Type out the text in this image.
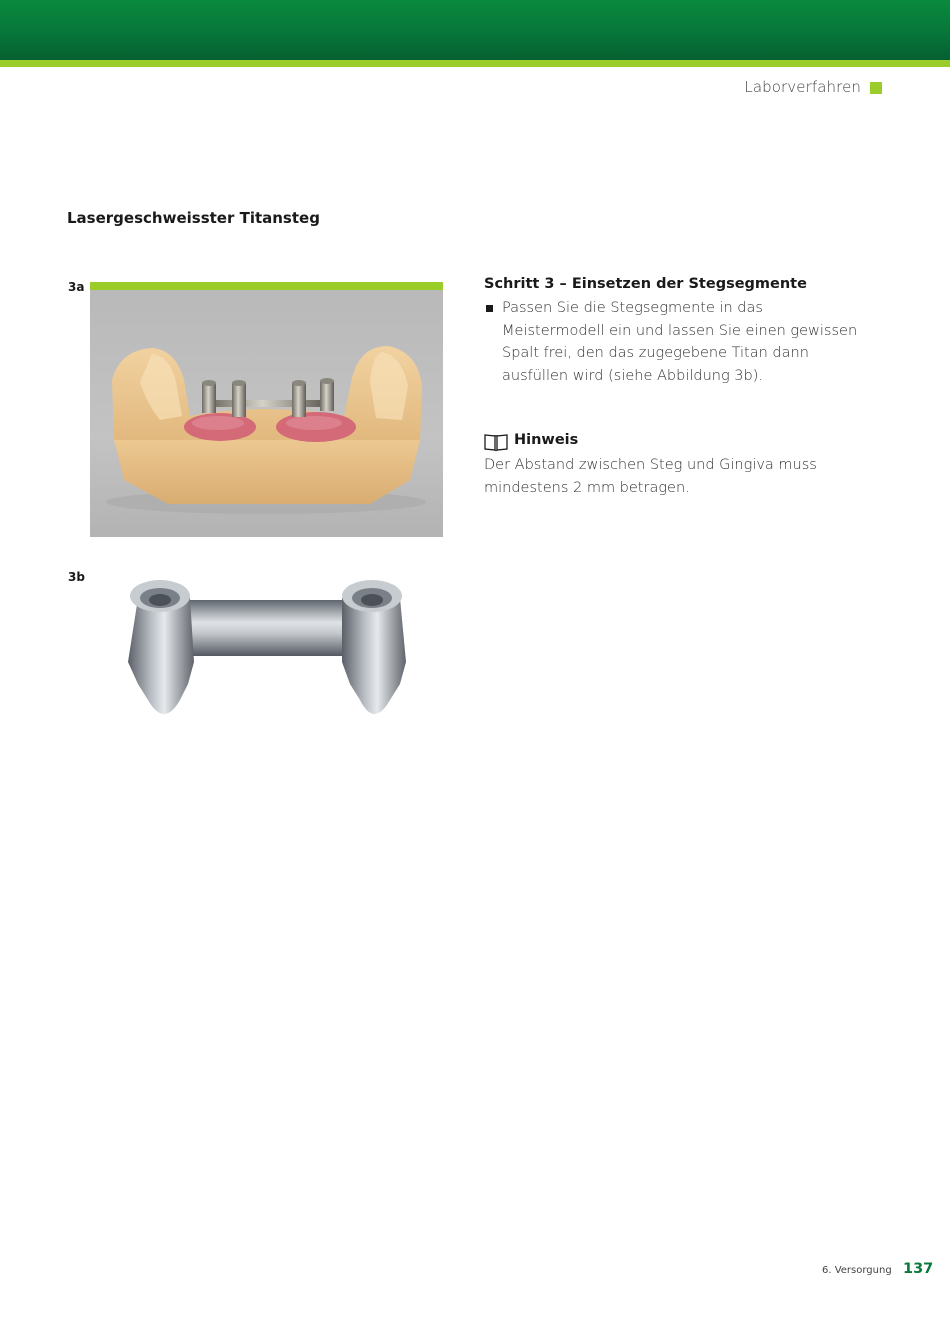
Laborverfahren
Lasergeschweisster Titansteg
3a
3b
Schritt 3 – Einsetzen der Stegsegmente
Passen Sie die Stegsegmente in das Meistermodell ein und lassen Sie einen gewissen Spalt frei, den das zugegebene Titan dann ausfüllen wird (siehe Abbildung 3b).
Hinweis
Der Abstand zwischen Steg und Gingiva muss mindestens 2 mm betragen.
6. Versorgung 137
